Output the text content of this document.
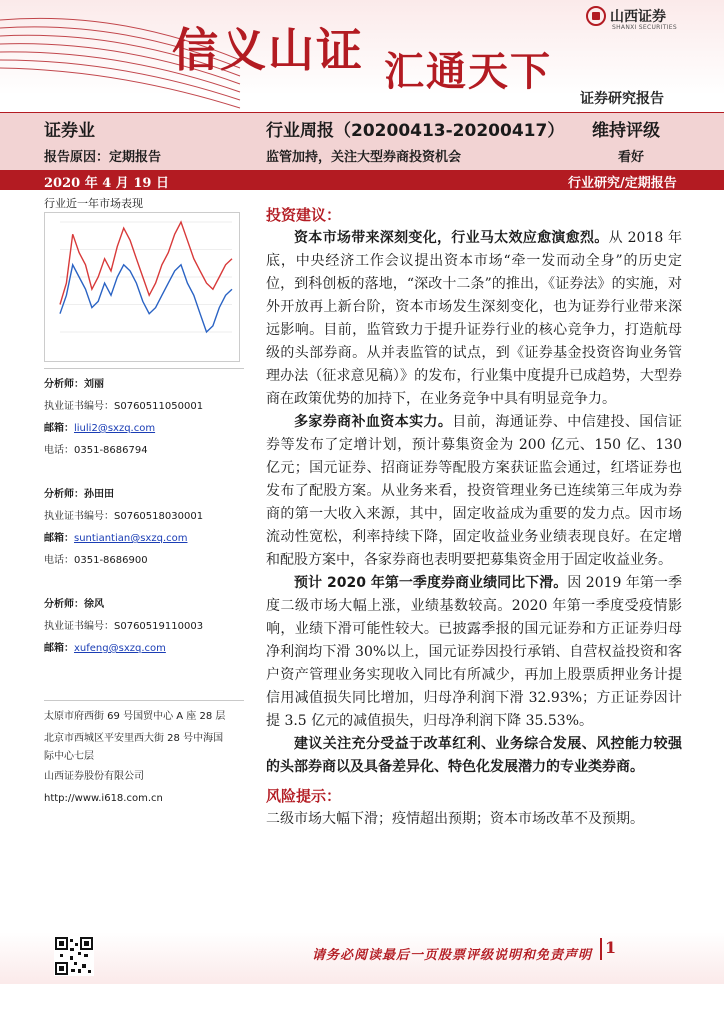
信义山证 汇通天下
山西证券
SHANXI SECURITIES
证券研究报告
证券业	行业周报（20200413-20200417） 维持评级
报告原因：定期报告	监管加持，关注大型券商投资机会	看好
2020 年 4 月 19 日	行业研究/定期报告
行业近一年市场表现
分析师：刘丽
执业证书编号：S0760511050001
邮箱：liuli2@sxzq.com
电话：0351-8686794
分析师：孙田田
执业证书编号：S0760518030001
邮箱：suntiantian@sxzq.com
电话：0351-8686900
分析师：徐风
执业证书编号：S0760519110003
邮箱：xufeng@sxzq.com
太原市府西街 69 号国贸中心 A 座 28 层
北京市西城区平安里西大街 28 号中海国
际中心七层
山西证券股份有限公司
http://www.i618.com.cn
投资建议：

资本市场带来深刻变化，行业马太效应愈演愈烈。从 2018 年底，中央经济工作会议提出资本市场“牵一发而动全身”的历史定位，到科创板的落地，“深改十二条”的推出，《证券法》的实施，对外开放再上新台阶，资本市场发生深刻变化，也为证券行业带来深远影响。目前，监管致力于提升证券行业的核心竞争力，打造航母级的头部券商。从并表监管的试点，到《证券基金投资咨询业务管理办法（征求意见稿）》的发布，行业集中度提升已成趋势，大型券商在政策优势的加持下，在业务竞争中具有明显竞争力。

多家券商补血资本实力。目前，海通证券、中信建投、国信证券等发布了定增计划，预计募集资金为 200 亿元、150 亿、130 亿元；国元证券、招商证券等配股方案获证监会通过，红塔证券也发布了配股方案。从业务来看，投资管理业务已连续第三年成为券商的第一大收入来源，其中，固定收益成为重要的发力点。因市场流动性宽松，利率持续下降，固定收益业务业绩表现良好。在定增和配股方案中，各家券商也表明要把募集资金用于固定收益业务。

预计 2020 年第一季度券商业绩同比下滑。因 2019 年第一季度二级市场大幅上涨，业绩基数较高。2020 年第一季度受疫情影响，业绩下滑可能性较大。已披露季报的国元证券和方正证券归母净利润均下滑 30%以上，国元证券因投行承销、自营权益投资和客户资产管理业务实现收入同比有所减少，再加上股票质押业务计提信用减值损失同比增加，归母净利润下滑 32.93%；方正证券因计提 3.5 亿元的减值损失，归母净利润下降 35.53%。

建议关注充分受益于改革红利、业务综合发展、风控能力较强的头部券商以及具备差异化、特色化发展潜力的专业类券商。

风险提示：

二级市场大幅下滑；疫情超出预期；资本市场改革不及预期。

请务必阅读最后一页股票评级说明和免责声明 1
